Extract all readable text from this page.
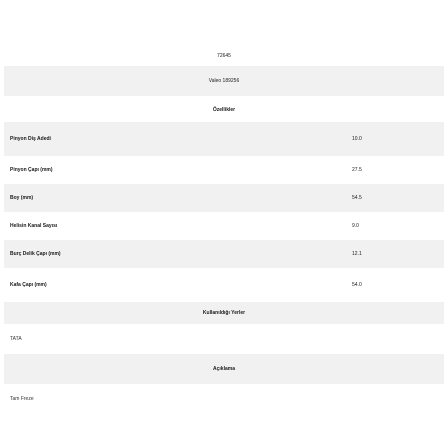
72645
Valeo 189256
Özellikler
Pinyon Diş Adedi	10.0
Pinyon Çapı (mm)	27.5
Boy (mm)	54.5
Helisin Kanal Sayısı	9.0
Burç Delik Çapı (mm)	12.1
Kafa Çapı (mm)	54.0
Kullanıldığı Yerler
TATA
Açıklama
Tam Freze
